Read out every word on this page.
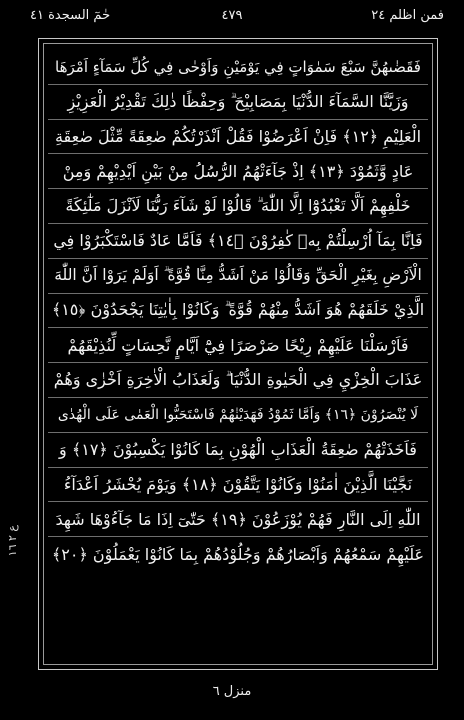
فمن اظلم ٢٤
٤٧٩
حٰمٓ السجدة ٤١
فَقَضٰىهُنَّ سَبْعَ سَمٰوَاتٍ فِي يَوْمَيْنِ وَاَوْحٰى فِي كُلِّ سَمَآءٍ اَمْرَهَا
وَزَيَّنَّا السَّمَآءَ الدُّنْيَا بِمَصَابِيْحَ ۗ وَحِفْظًا ذٰلِكَ تَقْدِيْرُ الْعَزِيْزِ
الْعَلِيْمِ ﴿١٢﴾ فَاِنْ اَعْرَضُوْا فَقُلْ اَنْذَرْتُكُمْ صٰعِقَةً مِّثْلَ صٰعِقَةِ
عَادٍ وَّثَمُوْدَ ﴿١٣﴾ اِذْ جَآءَتْهُمُ الرُّسُلُ مِنْ بَيْنِ اَيْدِيْهِمْ وَمِنْ
خَلْفِهِمْ اَلَّا تَعْبُدُوْٓا اِلَّا اللّٰهَ ۗ قَالُوْا لَوْ شَآءَ رَبُّنَا لَاَنْزَلَ مَلٰٓئِكَةً
فَاِنَّا بِمَآ اُرْسِلْتُمْ بِهٖ كٰفِرُوْنَ ﴿١٤﴾ فَاَمَّا عَادٌ فَاسْتَكْبَرُوْا فِي
الْاَرْضِ بِغَيْرِ الْحَقِّ وَقَالُوْا مَنْ اَشَدُّ مِنَّا قُوَّةً ۗ اَوَلَمْ يَرَوْا اَنَّ اللّٰهَ
الَّذِيْ خَلَقَهُمْ هُوَ اَشَدُّ مِنْهُمْ قُوَّةً ۗ وَكَانُوْا بِاٰيٰتِنَا يَجْحَدُوْنَ ﴿١٥﴾
فَاَرْسَلْنَا عَلَيْهِمْ رِيْحًا صَرْصَرًا فِيْٓ اَيَّامٍ نَّحِسَاتٍ لِّنُذِيْقَهُمْ
عَذَابَ الْخِزْيِ فِي الْحَيٰوةِ الدُّنْيَا ۗ وَلَعَذَابُ الْاٰخِرَةِ اَخْزٰى وَهُمْ
لَا يُنْصَرُوْنَ ﴿١٦﴾ وَاَمَّا ثَمُوْدُ فَهَدَيْنٰهُمْ فَاسْتَحَبُّوا الْعَمٰى عَلَى الْهُدٰى
فَاَخَذَتْهُمْ صٰعِقَةُ الْعَذَابِ الْهُوْنِ بِمَا كَانُوْا يَكْسِبُوْنَ ﴿١٧﴾ وَ
نَجَّيْنَا الَّذِيْنَ اٰمَنُوْا وَكَانُوْا يَتَّقُوْنَ ﴿١٨﴾ وَيَوْمَ يُحْشَرُ اَعْدَآءُ
اللّٰهِ اِلَى النَّارِ فَهُمْ يُوْزَعُوْنَ ﴿١٩﴾ حَتّٰىٓ اِذَا مَا جَآءُوْهَا شَهِدَ
عَلَيْهِمْ سَمْعُهُمْ وَاَبْصَارُهُمْ وَجُلُوْدُهُمْ بِمَا كَانُوْا يَعْمَلُوْنَ ﴿٢٠﴾
ع ٢ ١٦
منزل ٦
